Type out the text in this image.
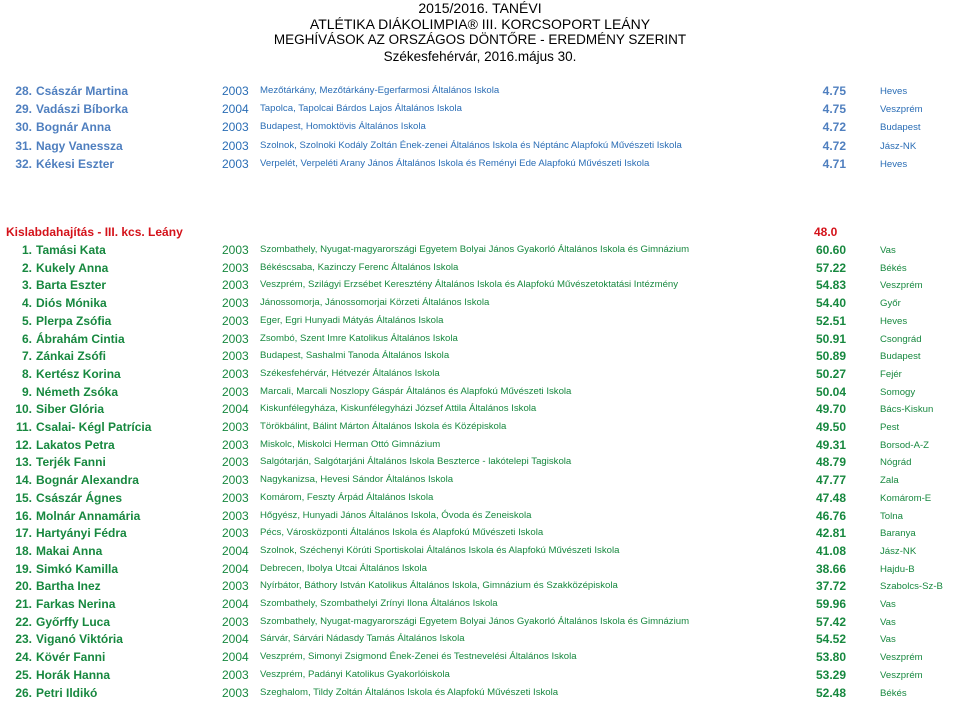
2015/2016. TANÉVI
ATLÉTIKA DIÁKOLIMPIA® III. KORCSOPORT LEÁNY
MEGHÍVÁSOK AZ ORSZÁGOS DÖNTŐRE - EREDMÉNY SZERINT
Székesfehérvár, 2016.május 30.
28. Császár Martina	2003 Mezőtárkány, Mezőtárkány-Egerfarmosi Általános Iskola	4.75	Heves
29. Vadászi Bíborka	2004 Tapolca, Tapolcai Bárdos Lajos Általános Iskola	4.75	Veszprém
30. Bognár Anna	2003 Budapest, Homoktövis Általános Iskola	4.72	Budapest
31. Nagy Vanessza	2003 Szolnok, Szolnoki Kodály Zoltán Ének-zenei Általános Iskola és Néptánc Alapfokú Művészeti Iskola	4.72	Jász-NK
32. Kékesi Eszter	2003 Verpelét, Verpeléti Arany János Általános Iskola és Reményi Ede Alapfokú Művészeti Iskola	4.71	Heves
Kislabdahajítás - III. kcs. Leány	48.0
1. Tamási Kata	2003 Szombathely, Nyugat-magyarországi Egyetem Bolyai János Gyakorló Általános Iskola és Gimnázium	60.60	Vas
2. Kukely Anna	2003 Békéscsaba, Kazinczy Ferenc Általános Iskola	57.22	Békés
3. Barta Eszter	2003 Veszprém, Szilágyi Erzsébet Keresztény Általános Iskola és Alapfokú Művészetoktatási Intézmény	54.83	Veszprém
4. Diós Mónika	2003 Jánossomorja, Jánossomorjai Körzeti Általános Iskola	54.40	Győr
5. Plerpa Zsófia	2003 Eger, Egri Hunyadi Mátyás Általános Iskola	52.51	Heves
6. Ábrahám Cintia	2003 Zsombó, Szent Imre Katolikus Általános Iskola	50.91	Csongrád
7. Zánkai Zsófi	2003 Budapest, Sashalmi Tanoda Általános Iskola	50.89	Budapest
8. Kertész Korina	2003 Székesfehérvár, Hétvezér Általános Iskola	50.27	Fejér
9. Németh Zsóka	2003 Marcali, Marcali Noszlopy Gáspár Általános és Alapfokú Művészeti Iskola	50.04	Somogy
10. Siber Glória	2004 Kiskunfélegyháza, Kiskunfélegyházi József Attila Általános Iskola	49.70	Bács-Kiskun
11. Csalai- Kégl Patrícia	2003 Törökbálint, Bálint Márton Általános Iskola és Középiskola	49.50	Pest
12. Lakatos Petra	2003 Miskolc, Miskolci Herman Ottó Gimnázium	49.31	Borsod-A-Z
13. Terjék Fanni	2003 Salgótarján, Salgótarjáni Általános Iskola Beszterce - lakótelepi Tagiskola	48.79	Nógrád
14. Bognár Alexandra	2003 Nagykanizsa, Hevesi Sándor Általános Iskola	47.77	Zala
15. Császár Ágnes	2003 Komárom, Feszty Árpád Általános Iskola	47.48	Komárom-E
16. Molnár Annamária	2003 Hőgyész, Hunyadi János Általános Iskola, Óvoda és Zeneiskola	46.76	Tolna
17. Hartyányi Fédra	2003 Pécs, Városközponti Általános Iskola és Alapfokú Művészeti Iskola	42.81	Baranya
18. Makai Anna	2004 Szolnok, Széchenyi Körúti Sportiskolai Általános Iskola és Alapfokú Művészeti Iskola	41.08	Jász-NK
19. Simkó Kamilla	2004 Debrecen, Ibolya Utcai Általános Iskola	38.66	Hajdu-B
20. Bartha Inez	2003 Nyírbátor, Báthory István Katolikus Általános Iskola, Gimnázium és Szakközépiskola	37.72	Szabolcs-Sz-B
21. Farkas Nerina	2004 Szombathely, Szombathelyi Zrínyi Ilona Általános Iskola	59.96	Vas
22. Győrffy Luca	2003 Szombathely, Nyugat-magyarországi Egyetem Bolyai János Gyakorló Általános Iskola és Gimnázium	57.42	Vas
23. Viganó Viktória	2004 Sárvár, Sárvári Nádasdy Tamás Általános Iskola	54.52	Vas
24. Kövér Fanni	2004 Veszprém, Simonyi Zsigmond Ének-Zenei és Testnevelési Általános Iskola	53.80	Veszprém
25. Horák Hanna	2003 Veszprém, Padányi Katolikus Gyakorlóiskola	53.29	Veszprém
26. Petri Ildikó	2003 Szeghalom, Tildy Zoltán Általános Iskola és Alapfokú Művészeti Iskola	52.48	Békés
